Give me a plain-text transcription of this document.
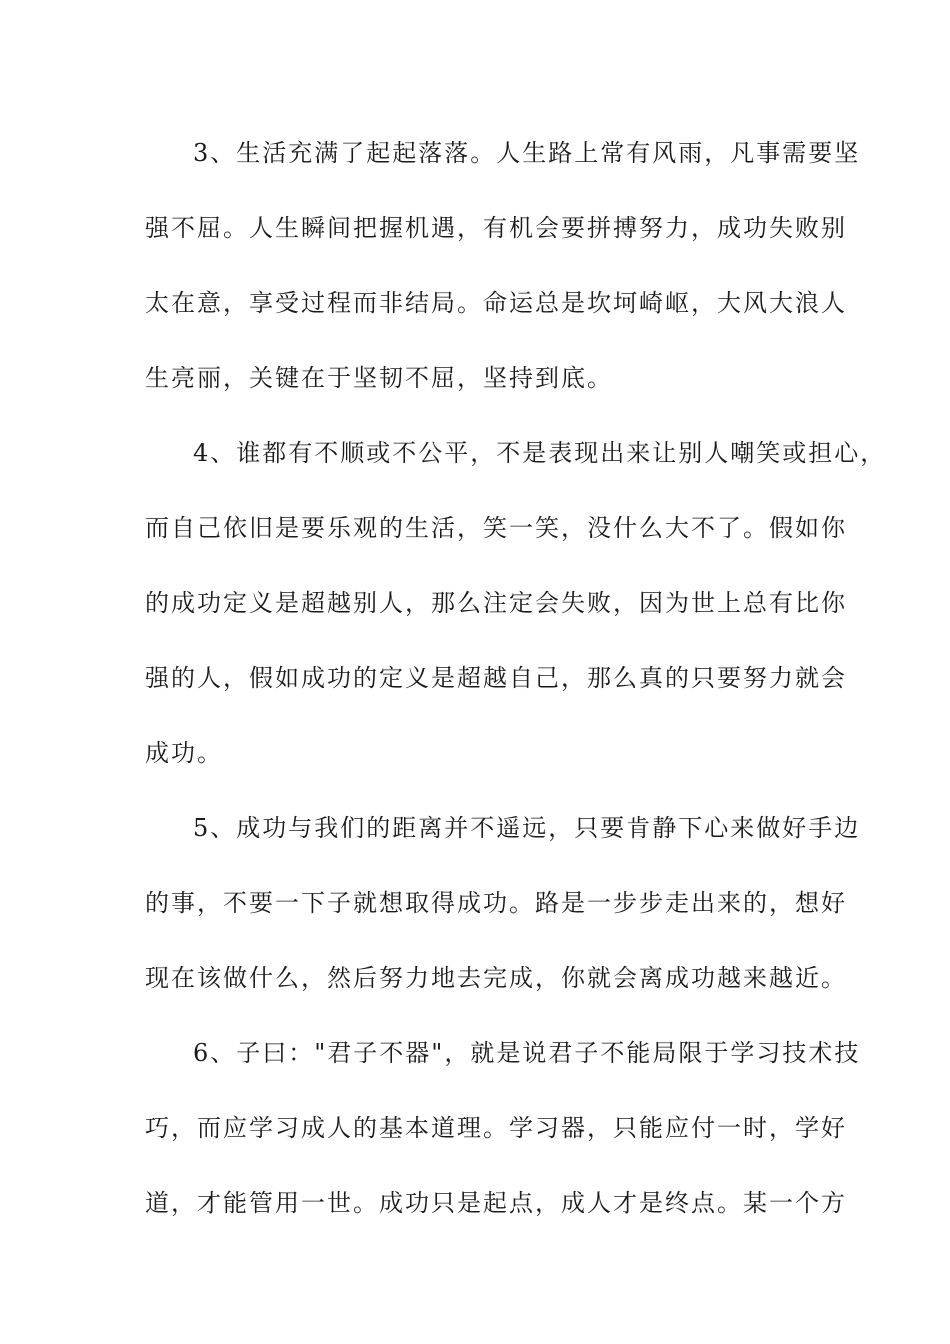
3、生活充满了起起落落。人生路上常有风雨，凡事需要坚
强不屈。人生瞬间把握机遇，有机会要拼搏努力，成功失败别
太在意，享受过程而非结局。命运总是坎坷崎岖，大风大浪人
生亮丽，关键在于坚韧不屈，坚持到底。
4、谁都有不顺或不公平，不是表现出来让别人嘲笑或担心，
而自己依旧是要乐观的生活，笑一笑，没什么大不了。假如你
的成功定义是超越别人，那么注定会失败，因为世上总有比你
强的人，假如成功的定义是超越自己，那么真的只要努力就会
成功。
5、成功与我们的距离并不遥远，只要肯静下心来做好手边
的事，不要一下子就想取得成功。路是一步步走出来的，想好
现在该做什么，然后努力地去完成，你就会离成功越来越近。
6、子曰："君子不器"，就是说君子不能局限于学习技术技
巧，而应学习成人的基本道理。学习器，只能应付一时，学好
道，才能管用一世。成功只是起点，成人才是终点。某一个方
